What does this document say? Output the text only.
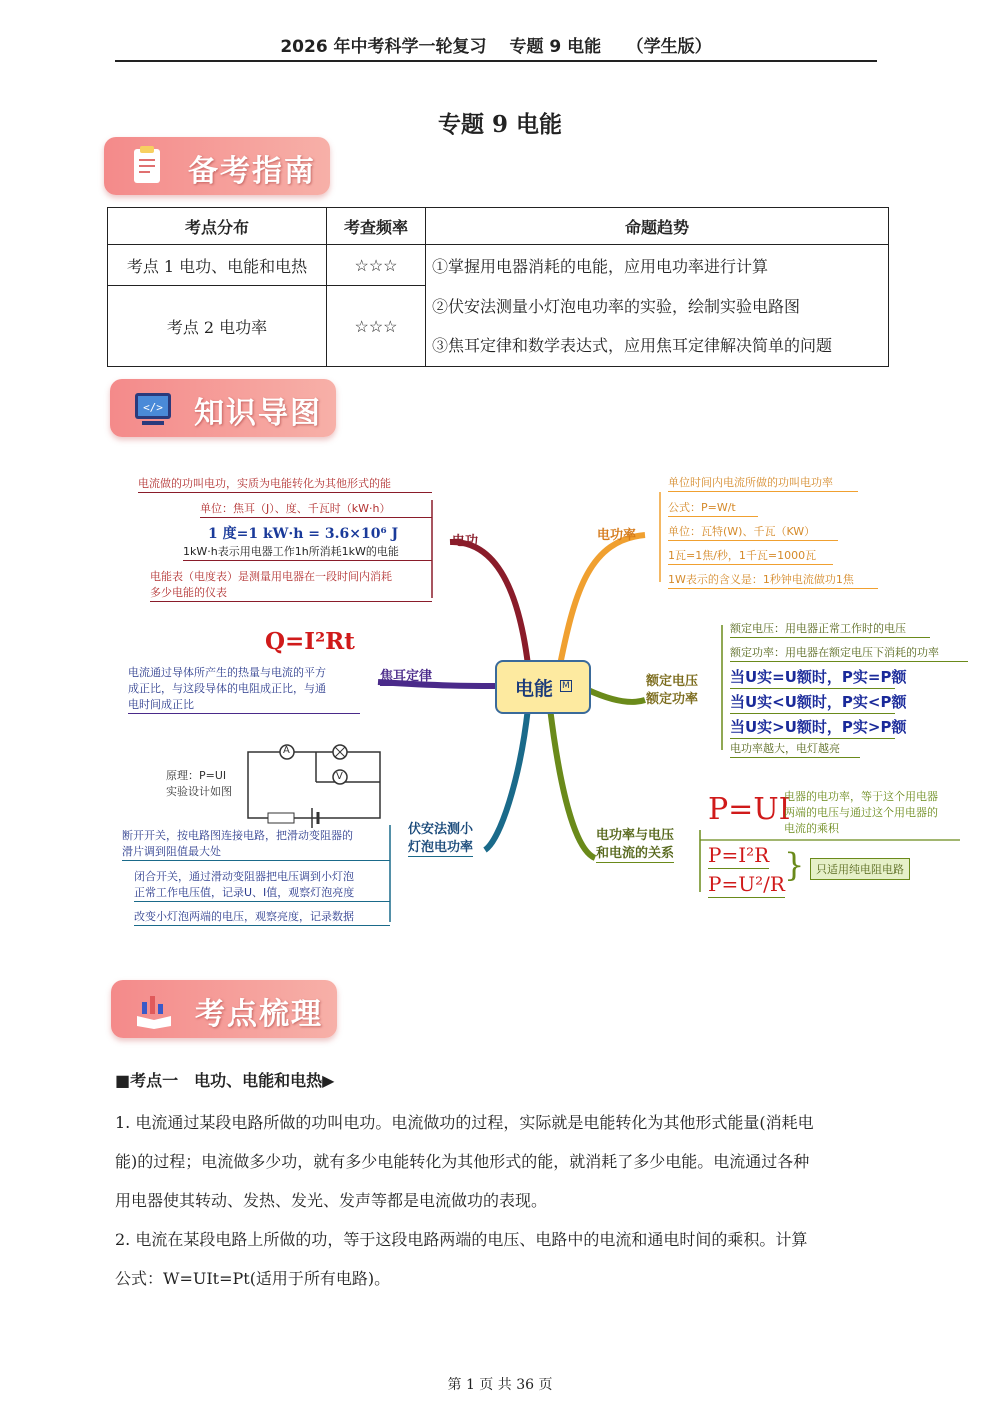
2026 年中考科学一轮复习　 专题 9 电能　　（学生版）
专题 9 电能
备考指南
考点分布	考查频率	命题趋势
考点 1 电功、电能和电热	☆☆☆	①掌握用电器消耗的电能，应用电功率进行计算
考点 2 电功率	☆☆☆	②伏安法测量小灯泡电功率的实验，绘制实验电路图
③焦耳定律和数学表达式，应用焦耳定律解决简单的问题
</> 知识导图
电能 M
电功
电流做的功叫电功，实质为电能转化为其他形式的能
单位：焦耳（J）、度、千瓦时（kW·h）
1 度=1 kW·h = 3.6×10⁶ J
1kW·h表示用电器工作1h所消耗1kW的电能
电能表（电度表）是测量用电器在一段时间内消耗
多少电能的仪表
Q=I²Rt
焦耳定律
电流通过导体所产生的热量与电流的平方
成正比，与这段导体的电阻成正比，与通
电时间成正比
原理：P=UI
实验设计如图
A
V
伏安法测小
灯泡电功率
断开开关，按电路图连接电路，把滑动变阻器的
滑片调到阻值最大处
闭合开关，通过滑动变阻器把电压调到小灯泡
正常工作电压值，记录U、I值，观察灯泡亮度
改变小灯泡两端的电压，观察亮度，记录数据
电功率
单位时间内电流所做的功叫电功率
公式：P=W/t
单位：瓦特(W)、千瓦（KW）
1瓦=1焦/秒，1千瓦=1000瓦
1W表示的含义是：1秒钟电流做功1焦
额定电压
额定功率
额定电压：用电器正常工作时的电压
额定功率：用电器在额定电压下消耗的功率
当U实=U额时，P实=P额
当U实<U额时，P实<P额
当U实>U额时，P实>P额
电功率越大，电灯越亮
电功率与电压
和电流的关系
P=UI
电器的电功率，等于这个用电器
两端的电压与通过这个用电器的
电流的乘积
P=I²R
P=U²/R }	只适用纯电阻电路
考点梳理
■考点一　电功、电能和电热▶
1. 电流通过某段电路所做的功叫电功。电流做功的过程，实际就是电能转化为其他形式能量(消耗电
能)的过程；电流做多少功，就有多少电能转化为其他形式的能，就消耗了多少电能。电流通过各种
用电器使其转动、发热、发光、发声等都是电流做功的表现。
2. 电流在某段电路上所做的功，等于这段电路两端的电压、电路中的电流和通电时间的乘积。计算
公式：W=UIt=Pt(适用于所有电路)。
第 1 页 共 36 页
